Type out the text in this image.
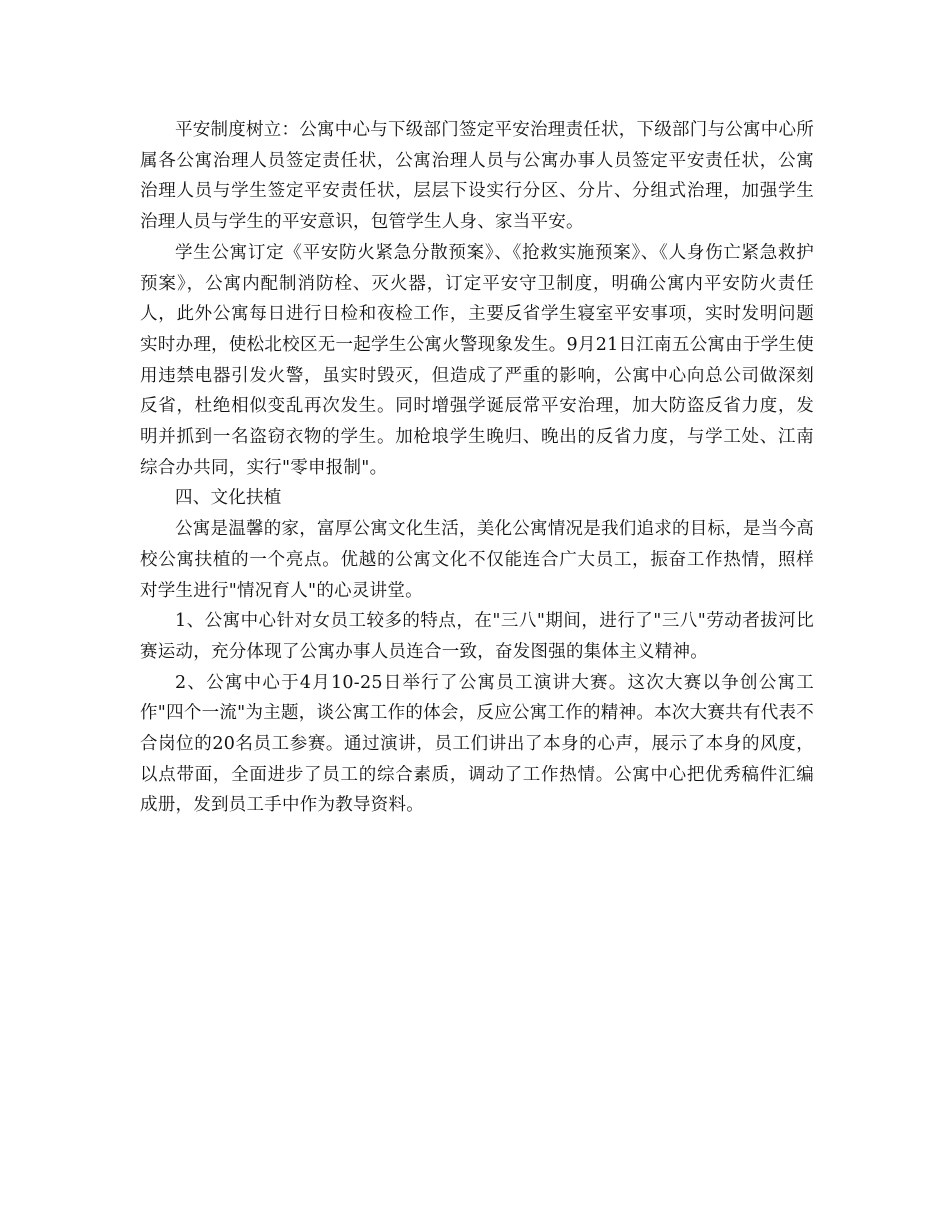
平安制度树立：公寓中心与下级部门签定平安治理责任状，下级部门与公寓中心所属各公寓治理人员签定责任状，公寓治理人员与公寓办事人员签定平安责任状，公寓治理人员与学生签定平安责任状，层层下设实行分区、分片、分组式治理，加强学生治理人员与学生的平安意识，包管学生人身、家当平安。

学生公寓订定《平安防火紧急分散预案》、《抢救实施预案》、《人身伤亡紧急救护预案》，公寓内配制消防栓、灭火器，订定平安守卫制度，明确公寓内平安防火责任人，此外公寓每日进行日检和夜检工作，主要反省学生寝室平安事项，实时发明问题实时办理，使松北校区无一起学生公寓火警现象发生。9月21日江南五公寓由于学生使用违禁电器引发火警，虽实时毁灭，但造成了严重的影响，公寓中心向总公司做深刻反省，杜绝相似变乱再次发生。同时增强学诞辰常平安治理，加大防盗反省力度，发明并抓到一名盗窃衣物的学生。加枪埌学生晚归、晚出的反省力度，与学工处、江南综合办共同，实行"零申报制"。

四、文化扶植

公寓是温馨的家，富厚公寓文化生活，美化公寓情况是我们追求的目标，是当今高校公寓扶植的一个亮点。优越的公寓文化不仅能连合广大员工，振奋工作热情，照样对学生进行"情况育人"的心灵讲堂。

1、公寓中心针对女员工较多的特点，在"三八"期间，进行了"三八"劳动者拔河比赛运动，充分体现了公寓办事人员连合一致，奋发图强的集体主义精神。

2、公寓中心于4月10-25日举行了公寓员工演讲大赛。这次大赛以争创公寓工作"四个一流"为主题，谈公寓工作的体会，反应公寓工作的精神。本次大赛共有代表不合岗位的20名员工参赛。通过演讲，员工们讲出了本身的心声，展示了本身的风度，以点带面，全面进步了员工的综合素质，调动了工作热情。公寓中心把优秀稿件汇编成册，发到员工手中作为教导资料。
